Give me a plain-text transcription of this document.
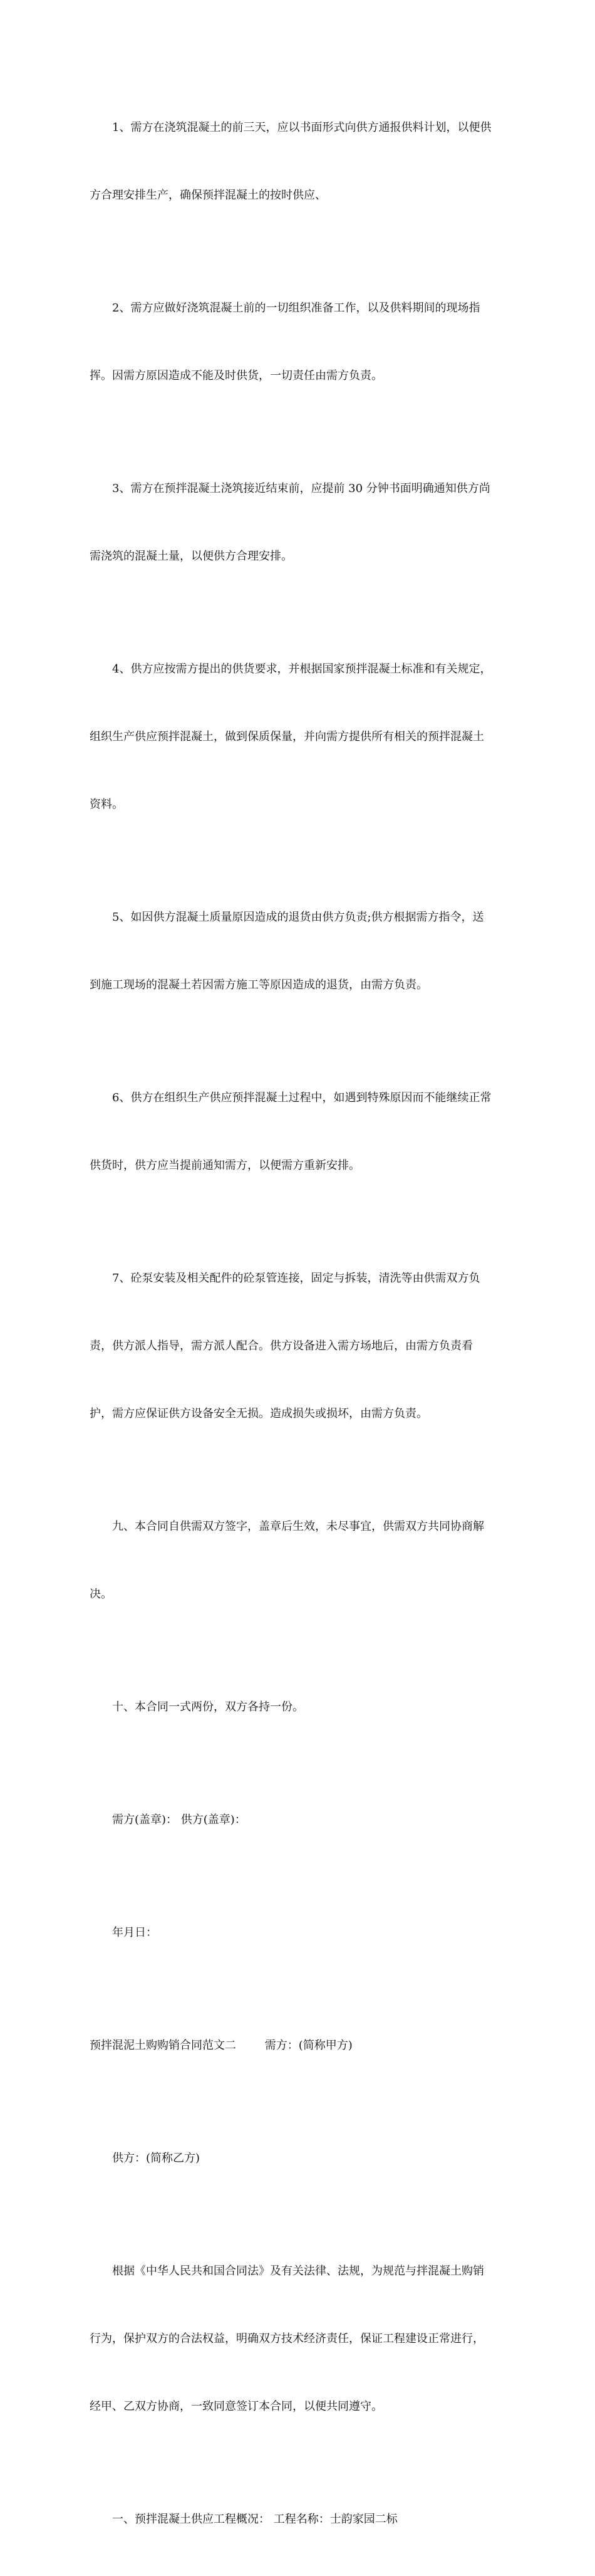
1、需方在浇筑混凝土的前三天，应以书面形式向供方通报供料计划，以便供

方合理安排生产，确保预拌混凝土的按时供应、

2、需方应做好浇筑混凝土前的一切组织准备工作，以及供料期间的现场指

挥。因需方原因造成不能及时供货，一切责任由需方负责。

3、需方在预拌混凝土浇筑接近结束前，应提前 30 分钟书面明确通知供方尚

需浇筑的混凝土量，以便供方合理安排。

4、供方应按需方提出的供货要求，并根据国家预拌混凝土标准和有关规定，

组织生产供应预拌混凝土，做到保质保量，并向需方提供所有相关的预拌混凝土

资料。

5、如因供方混凝土质量原因造成的退货由供方负责;供方根据需方指令，送

到施工现场的混凝土若因需方施工等原因造成的退货，由需方负责。

6、供方在组织生产供应预拌混凝土过程中，如遇到特殊原因而不能继续正常

供货时，供方应当提前通知需方，以便需方重新安排。

7、砼泵安装及相关配件的砼泵管连接，固定与拆装，清洗等由供需双方负

责，供方派人指导，需方派人配合。供方设备进入需方场地后，由需方负责看

护，需方应保证供方设备安全无损。造成损失或损坏，由需方负责。

九、本合同自供需双方签字，盖章后生效，未尽事宜，供需双方共同协商解

决。

十、本合同一式两份，双方各持一份。

需方(盖章)： 供方(盖章)：

年月日：

预拌混泥土购购销合同范文二        需方：(简称甲方)

供方：(简称乙方)

根据《中华人民共和国合同法》及有关法律、法规，为规范与拌混凝土购销

行为，保护双方的合法权益，明确双方技术经济责任，保证工程建设正常进行，

经甲、乙双方协商，一致同意签订本合同，以便共同遵守。

一、预拌混凝土供应工程概况： 工程名称：士韵家园二标
